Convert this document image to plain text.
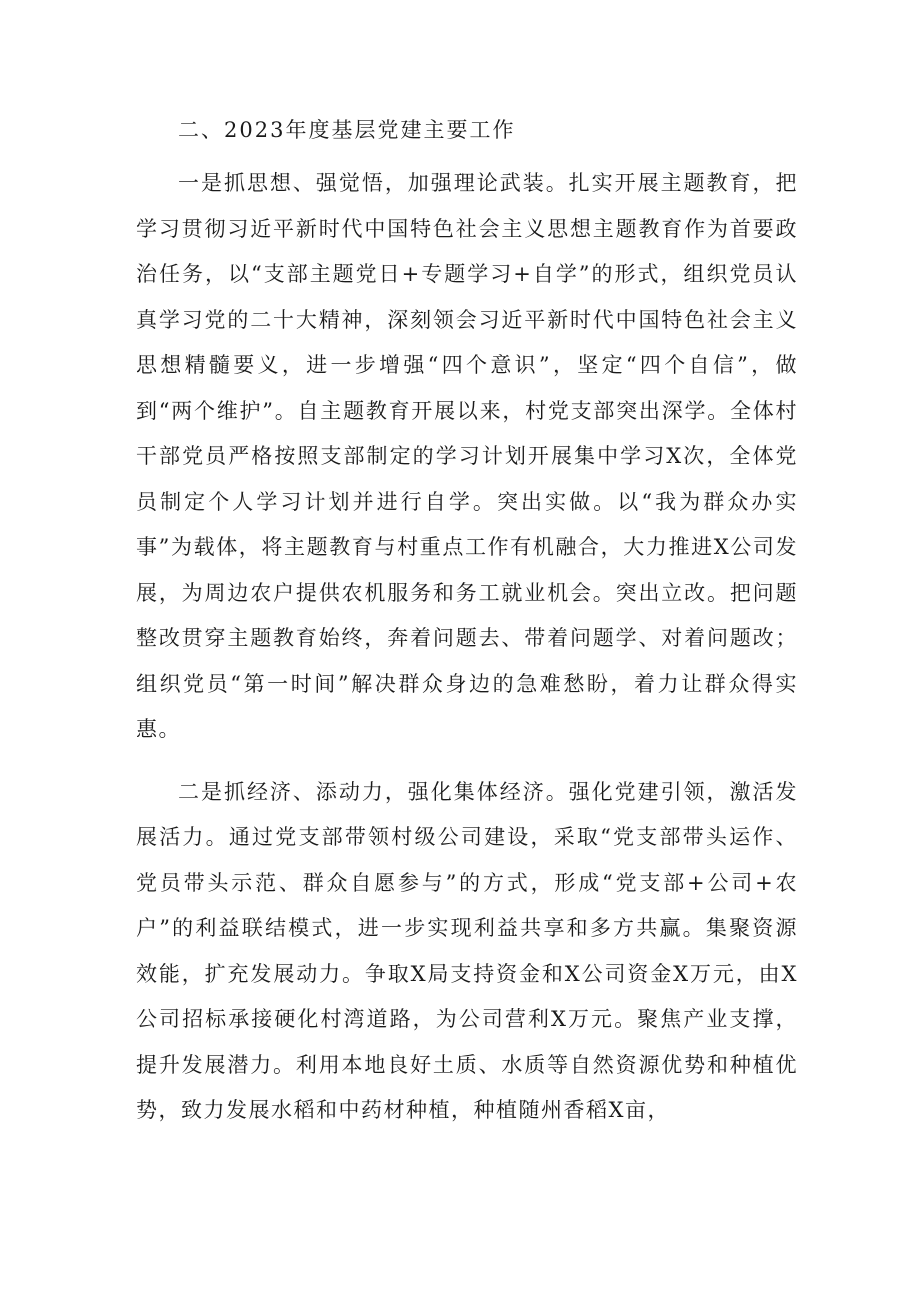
二、2023年度基层党建主要工作

一是抓思想、强觉悟，加强理论武装。扎实开展主题教育，把学习贯彻习近平新时代中国特色社会主义思想主题教育作为首要政治任务，以“支部主题党日+专题学习+自学”的形式，组织党员认真学习党的二十大精神，深刻领会习近平新时代中国特色社会主义思想精髓要义，进一步增强“四个意识”，坚定“四个自信”，做到“两个维护”。自主题教育开展以来，村党支部突出深学。全体村干部党员严格按照支部制定的学习计划开展集中学习X次，全体党员制定个人学习计划并进行自学。突出实做。以“我为群众办实事”为载体，将主题教育与村重点工作有机融合，大力推进X公司发展，为周边农户提供农机服务和务工就业机会。突出立改。把问题整改贯穿主题教育始终，奔着问题去、带着问题学、对着问题改；组织党员“第一时间”解决群众身边的急难愁盼，着力让群众得实惠。

二是抓经济、添动力，强化集体经济。强化党建引领，激活发展活力。通过党支部带领村级公司建设，采取“党支部带头运作、党员带头示范、群众自愿参与”的方式，形成“党支部+公司+农户”的利益联结模式，进一步实现利益共享和多方共赢。集聚资源效能，扩充发展动力。争取X局支持资金和X公司资金X万元，由X公司招标承接硬化村湾道路，为公司营利X万元。聚焦产业支撑，提升发展潜力。利用本地良好土质、水质等自然资源优势和种植优势，致力发展水稻和中药材种植，种植随州香稻X亩，
